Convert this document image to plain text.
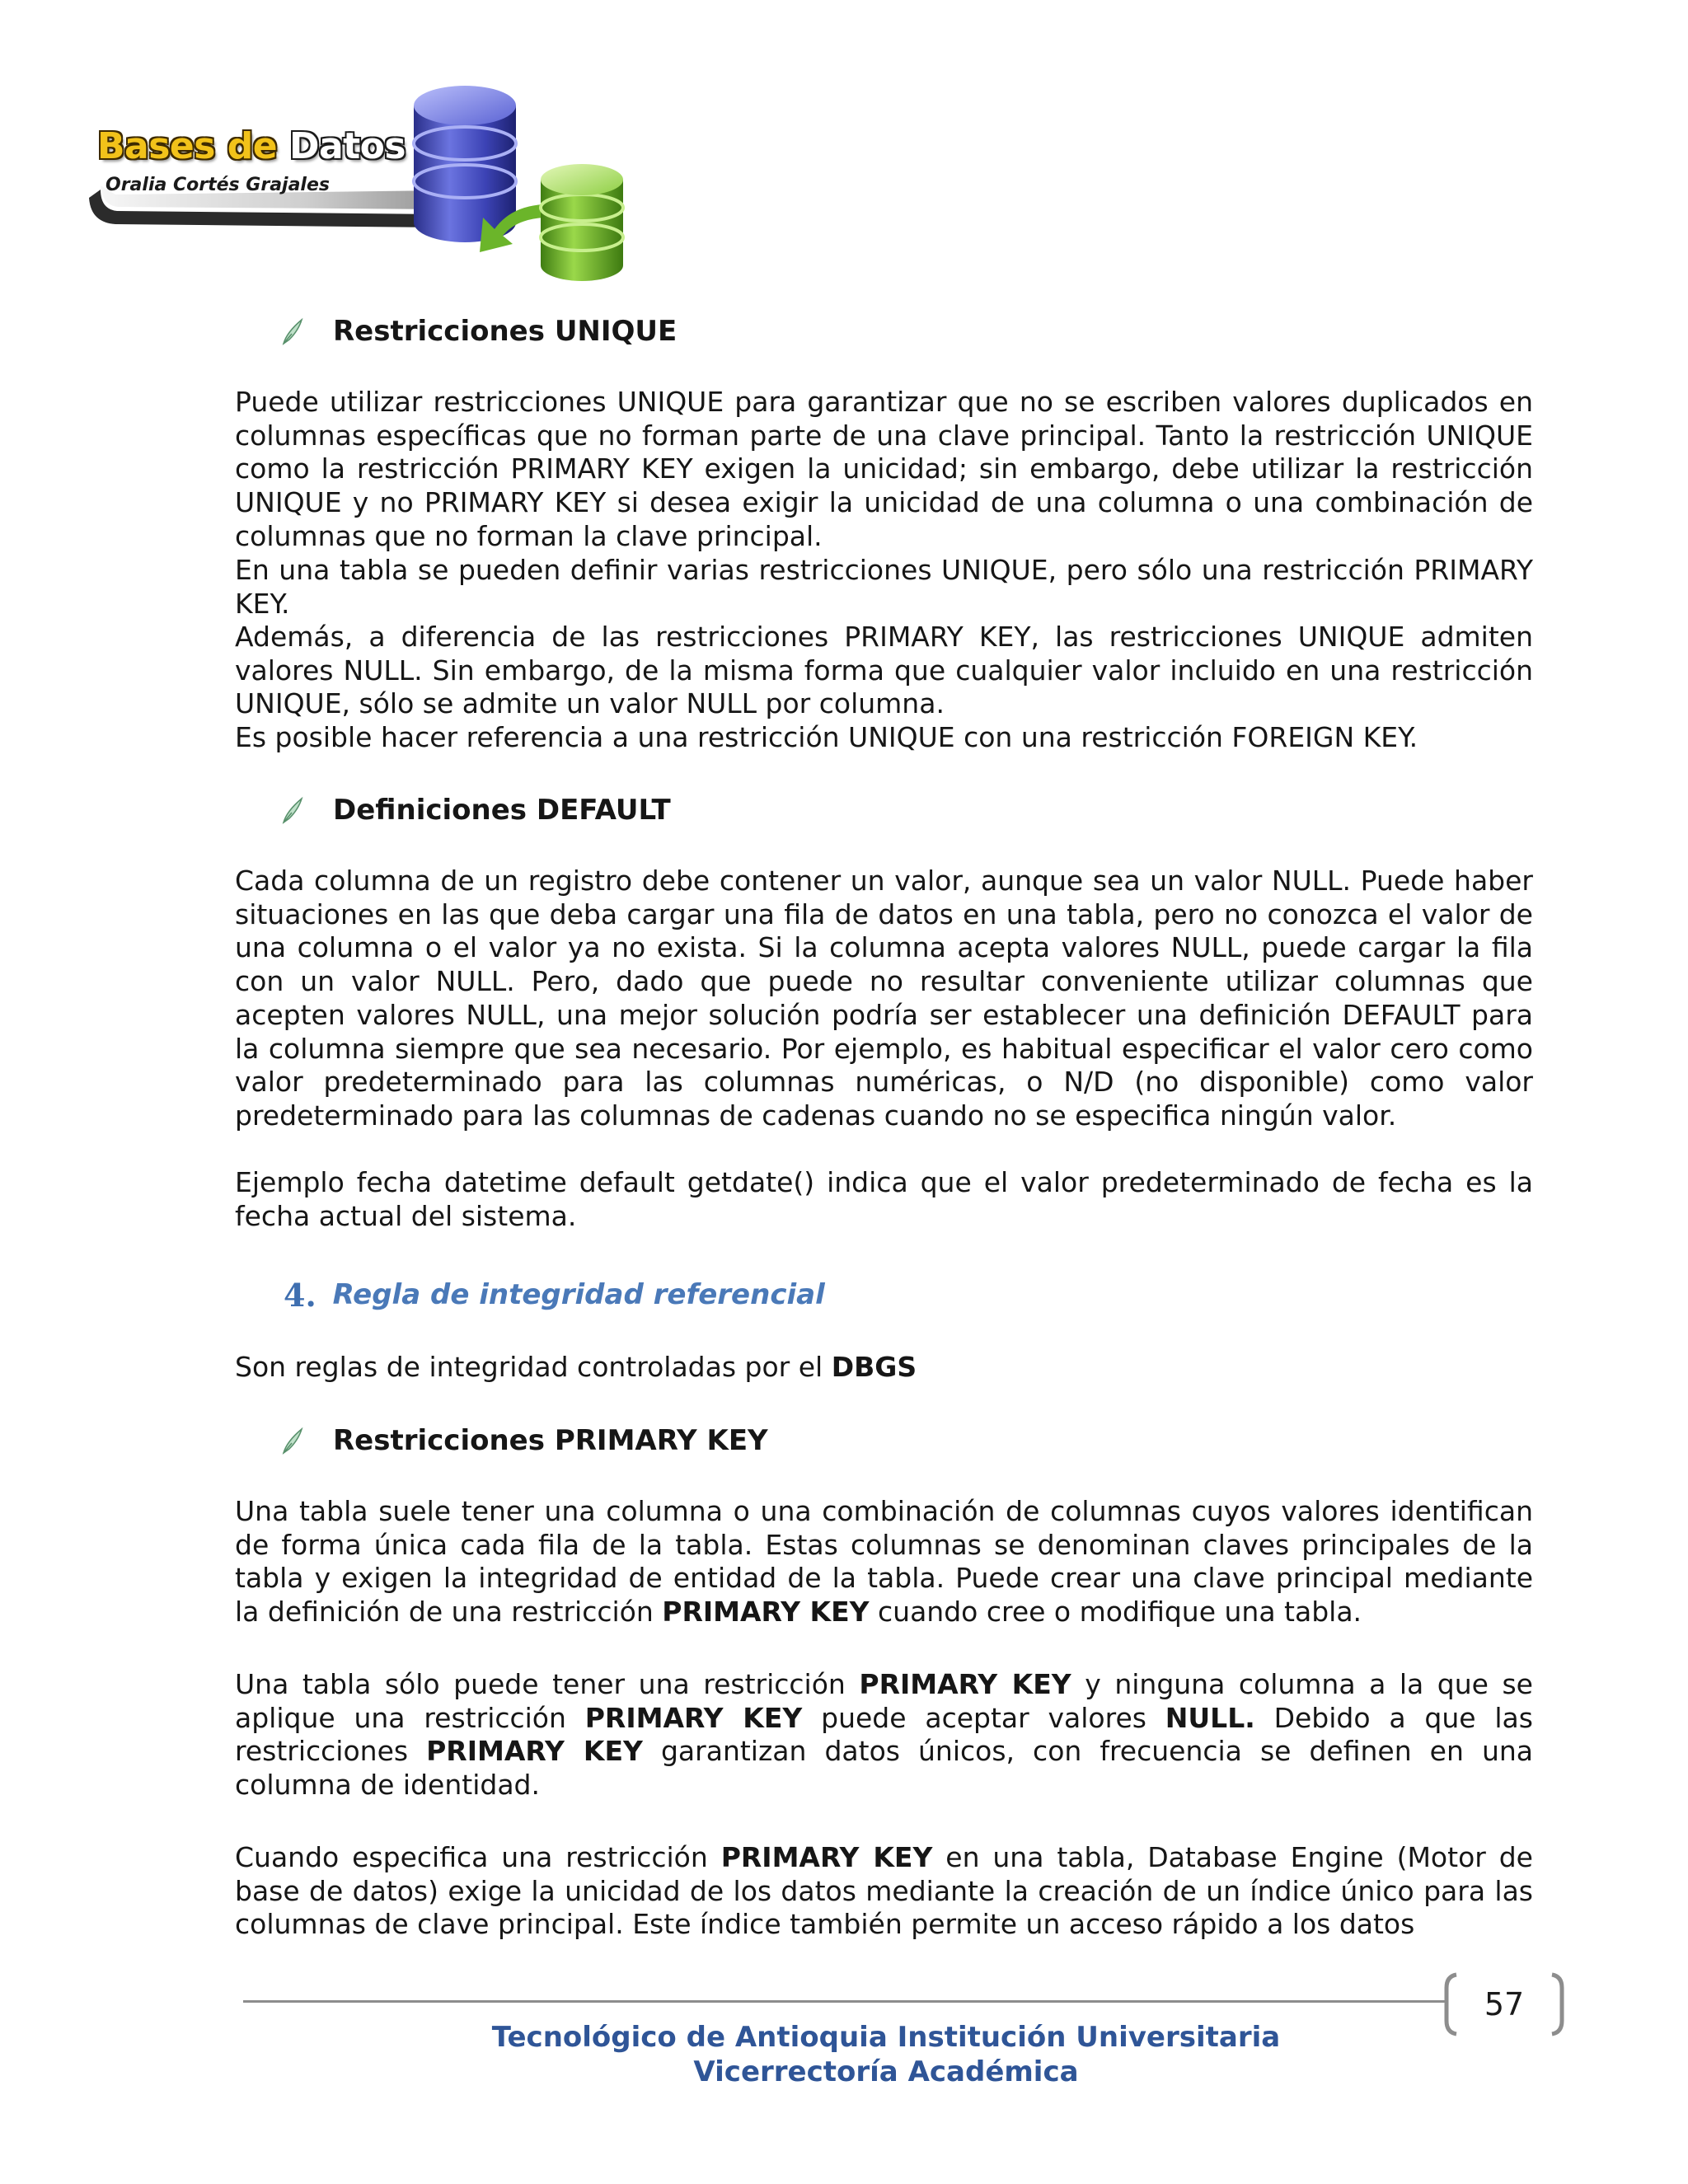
Bases de Datos
Oralia Cortés Grajales
Restricciones UNIQUE

Puede utilizar restricciones UNIQUE para garantizar que no se escriben valores duplicados en columnas específicas que no forman parte de una clave principal. Tanto la restricción UNIQUE como la restricción PRIMARY KEY exigen la unicidad; sin embargo, debe utilizar la restricción UNIQUE y no PRIMARY KEY si desea exigir la unicidad de una columna o una combinación de columnas que no forman la clave principal.

En una tabla se pueden definir varias restricciones UNIQUE, pero sólo una restricción PRIMARY KEY.

Además, a diferencia de las restricciones PRIMARY KEY, las restricciones UNIQUE admiten valores NULL. Sin embargo, de la misma forma que cualquier valor incluido en una restricción UNIQUE, sólo se admite un valor NULL por columna.

Es posible hacer referencia a una restricción UNIQUE con una restricción FOREIGN KEY.

Definiciones DEFAULT

Cada columna de un registro debe contener un valor, aunque sea un valor NULL. Puede haber situaciones en las que deba cargar una fila de datos en una tabla, pero no conozca el valor de una columna o el valor ya no exista. Si la columna acepta valores NULL, puede cargar la fila con un valor NULL. Pero, dado que puede no resultar conveniente utilizar columnas que acepten valores NULL, una mejor solución podría ser establecer una definición DEFAULT para la columna siempre que sea necesario. Por ejemplo, es habitual especificar el valor cero como valor predeterminado para las columnas numéricas, o N/D (no disponible) como valor predeterminado para las columnas de cadenas cuando no se especifica ningún valor.

Ejemplo fecha datetime default getdate() indica que el valor predeterminado de fecha es la fecha actual del sistema.

4. Regla de integridad referencial

Son reglas de integridad controladas por el DBGS

Restricciones PRIMARY KEY

Una tabla suele tener una columna o una combinación de columnas cuyos valores identifican de forma única cada fila de la tabla. Estas columnas se denominan claves principales de la tabla y exigen la integridad de entidad de la tabla. Puede crear una clave principal mediante la definición de una restricción PRIMARY KEY cuando cree o modifique una tabla.

Una tabla sólo puede tener una restricción PRIMARY KEY y ninguna columna a la que se aplique una restricción PRIMARY KEY puede aceptar valores NULL. Debido a que las restricciones PRIMARY KEY garantizan datos únicos, con frecuencia se definen en una columna de identidad.

Cuando especifica una restricción PRIMARY KEY en una tabla, Database Engine (Motor de base de datos) exige la unicidad de los datos mediante la creación de un índice único para las columnas de clave principal. Este índice también permite un acceso rápido a los datos

57
Tecnológico de Antioquia Institución Universitaria
Vicerrectoría Académica
